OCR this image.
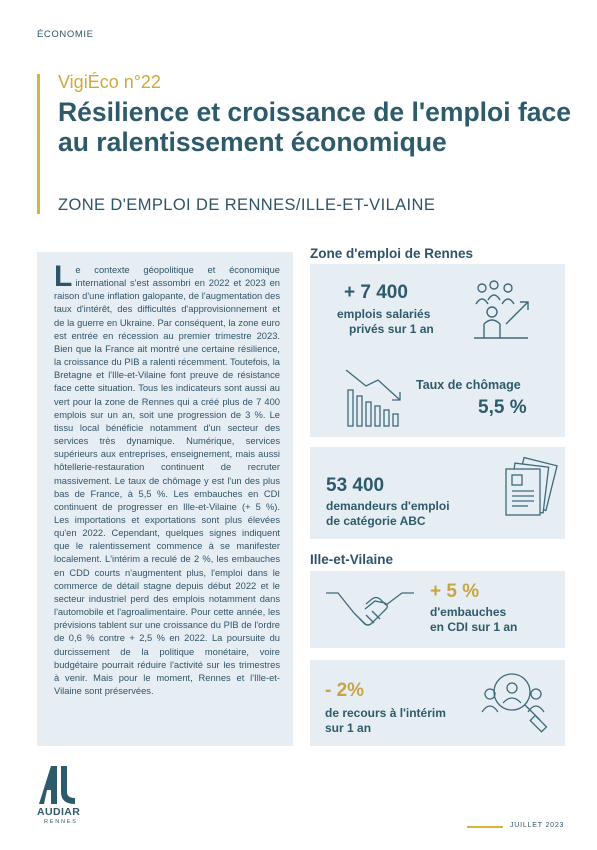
ÉCONOMIE
VigiÉco n°22
Résilience et croissance de l'emploi face au ralentissement économique
ZONE D'EMPLOI DE RENNES/ILLE-ET-VILAINE
Le contexte géopolitique et économique international s'est assombri en 2022 et 2023 en raison d'une inflation galopante, de l'augmentation des taux d'intérêt, des difficultés d'approvisionnement et de la guerre en Ukraine. Par conséquent, la zone euro est entrée en récession au premier trimestre 2023. Bien que la France ait montré une certaine résilience, la croissance du PIB a ralenti récemment. Toutefois, la Bretagne et l'Ille-et-Vilaine font preuve de résistance face cette situation. Tous les indicateurs sont aussi au vert pour la zone de Rennes qui a créé plus de 7 400 emplois sur un an, soit une progression de 3 %. Le tissu local bénéficie notamment d'un secteur des services très dynamique. Numérique, services supérieurs aux entreprises, enseignement, mais aussi hôtellerie-restauration continuent de recruter massivement. Le taux de chômage y est l'un des plus bas de France, à 5,5 %. Les embauches en CDI continuent de progresser en Ille-et-Vilaine (+ 5 %). Les importations et exportations sont plus élevées qu'en 2022. Cependant, quelques signes indiquent que le ralentissement commence à se manifester localement. L'intérim a reculé de 2 %, les embauches en CDD courts n'augmentent plus, l'emploi dans le commerce de détail stagne depuis début 2022 et le secteur industriel perd des emplois notamment dans l'automobile et l'agroalimentaire. Pour cette année, les prévisions tablent sur une croissance du PIB de l'ordre de 0,6 % contre + 2,5 % en 2022. La poursuite du durcissement de la politique monétaire, voire budgétaire pourrait réduire l'activité sur les trimestres à venir. Mais pour le moment, Rennes et l'Ille-et-Vilaine sont préservées.
Zone d'emploi de Rennes
+ 7 400
emplois salariés
privés sur 1 an
Taux de chômage
5,5 %
53 400
demandeurs d'emploi
de catégorie ABC
Ille-et-Vilaine
+ 5 %
d'embauches
en CDI sur 1 an
- 2%
de recours à l'intérim
sur 1 an
AUDIAR
RENNES	JUILLET 2023
